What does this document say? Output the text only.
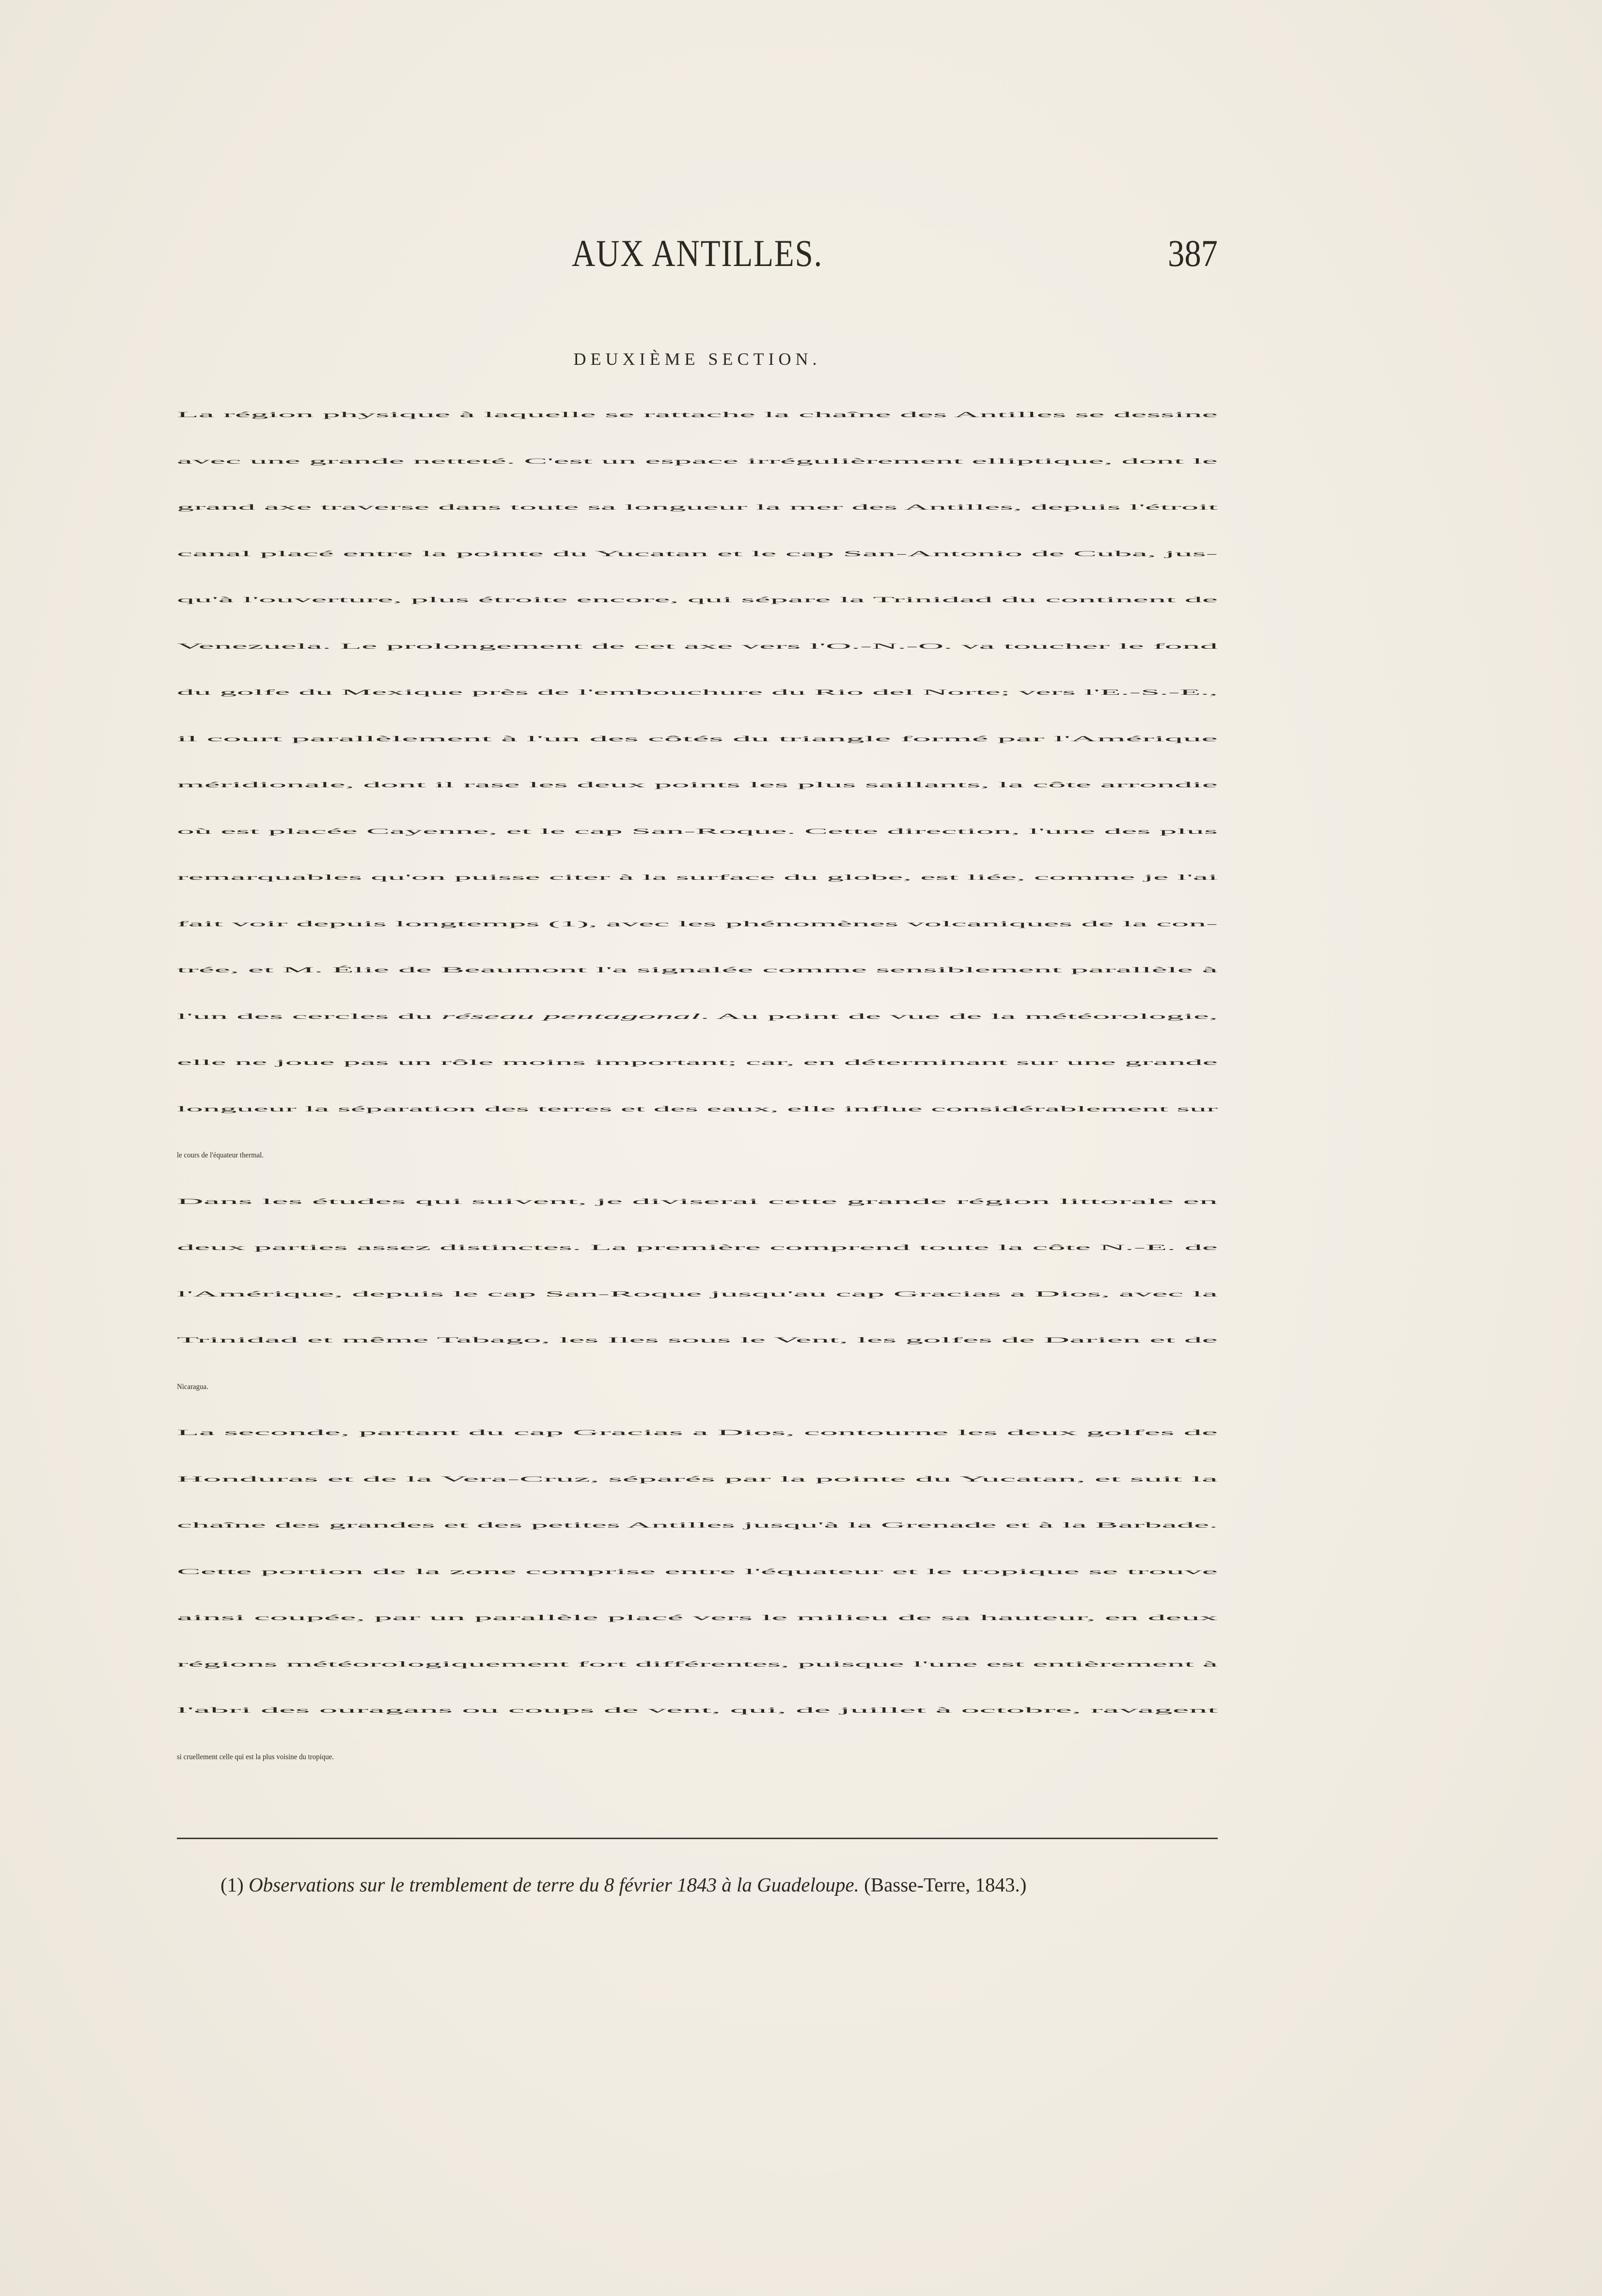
AUX ANTILLES.	387
DEUXIÈME SECTION.
La région physique à laquelle se rattache la chaîne des Antilles se dessine
avec une grande netteté. C'est un espace irrégulièrement elliptique, dont le
grand axe traverse dans toute sa longueur la mer des Antilles, depuis l'étroit
canal placé entre la pointe du Yucatan et le cap San-Antonio de Cuba, jus-
qu'à l'ouverture, plus étroite encore, qui sépare la Trinidad du continent de
Venezuela. Le prolongement de cet axe vers l'O.-N.-O. va toucher le fond
du golfe du Mexique près de l'embouchure du Rio del Norte; vers l'E.-S.-E.,
il court parallèlement à l'un des côtés du triangle formé par l'Amérique
méridionale, dont il rase les deux points les plus saillants, la côte arrondie
où est placée Cayenne, et le cap San-Roque. Cette direction, l'une des plus
remarquables qu'on puisse citer à la surface du globe, est liée, comme je l'ai
fait voir depuis longtemps (1), avec les phénomènes volcaniques de la con-
trée, et M. Élie de Beaumont l'a signalée comme sensiblement parallèle à
l'un des cercles du réseau pentagonal. Au point de vue de la météorologie,
elle ne joue pas un rôle moins important; car, en déterminant sur une grande
longueur la séparation des terres et des eaux, elle influe considérablement sur
le cours de l'équateur thermal.
Dans les études qui suivent, je diviserai cette grande région littorale en
deux parties assez distinctes. La première comprend toute la côte N.-E. de
l'Amérique, depuis le cap San-Roque jusqu'au cap Gracias a Dios, avec la
Trinidad et même Tabago, les Iles sous le Vent, les golfes de Darien et de
Nicaragua.
La seconde, partant du cap Gracias a Dios, contourne les deux golfes de
Honduras et de la Vera-Cruz, séparés par la pointe du Yucatan, et suit la
chaîne des grandes et des petites Antilles jusqu'à la Grenade et à la Barbade.
Cette portion de la zone comprise entre l'équateur et le tropique se trouve
ainsi coupée, par un parallèle placé vers le milieu de sa hauteur, en deux
régions météorologiquement fort différentes, puisque l'une est entièrement à
l'abri des ouragans ou coups de vent, qui, de juillet à octobre, ravagent
si cruellement celle qui est la plus voisine du tropique.
(1) Observations sur le tremblement de terre du 8 février 1843 à la Guadeloupe. (Basse-Terre, 1843.)
